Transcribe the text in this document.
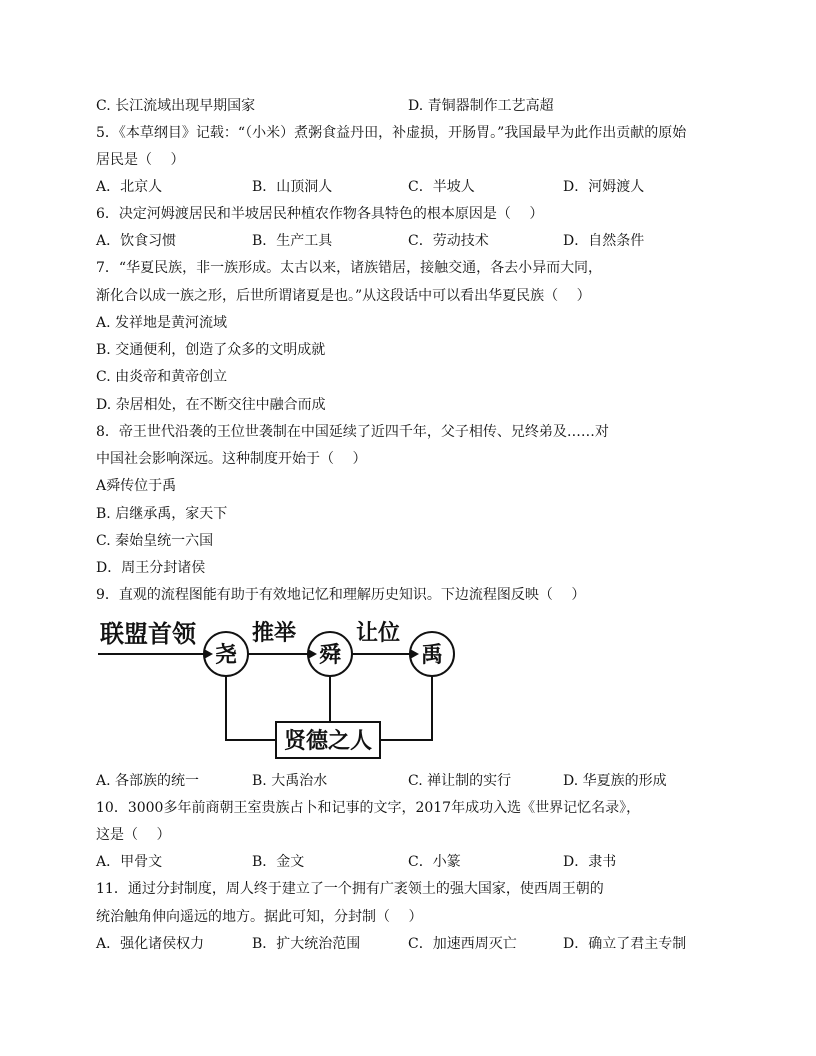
C. 长江流域出现早期国家	D. 青铜器制作工艺高超
5．《本草纲目》记载：“（小米）煮粥食益丹田，补虚损，开肠胃。”我国最早为此作出贡献的原始
居民是（　 ）
A．北京人	B．山顶洞人	C．半坡人	D．河姆渡人
6．决定河姆渡居民和半坡居民种植农作物各具特色的根本原因是（　 ）
A．饮食习惯	B．生产工具	C．劳动技术	D．自然条件
7．“华夏民族，非一族形成。太古以来，诸族错居，接触交通，各去小异而大同，
渐化合以成一族之形，后世所谓诸夏是也。”从这段话中可以看出华夏民族（　 ）
A. 发祥地是黄河流域
B. 交通便利，创造了众多的文明成就
C. 由炎帝和黄帝创立
D. 杂居相处，在不断交往中融合而成
8．帝王世代沿袭的王位世袭制在中国延续了近四千年，父子相传、兄终弟及……对
中国社会影响深远。这种制度开始于（　 ）
A舜传位于禹
B. 启继承禹，家天下
C. 秦始皇统一六国
D．周王分封诸侯
9．直观的流程图能有助于有效地记忆和理解历史知识。下边流程图反映（　 ）
联盟首领	推举	让位
尧	舜	禹
贤德之人
A. 各部族的统一	B. 大禹治水	C. 禅让制的实行	D. 华夏族的形成
10．3000多年前商朝王室贵族占卜和记事的文字，2017年成功入选《世界记忆名录》，
这是（　 ）
A．甲骨文	B．金文	C．小篆	D．隶书
11．通过分封制度，周人终于建立了一个拥有广袤领土的强大国家，使西周王朝的
统治触角伸向遥远的地方。据此可知，分封制（　 ）
A．强化诸侯权力	B．扩大统治范围	C．加速西周灭亡	D．确立了君主专制
